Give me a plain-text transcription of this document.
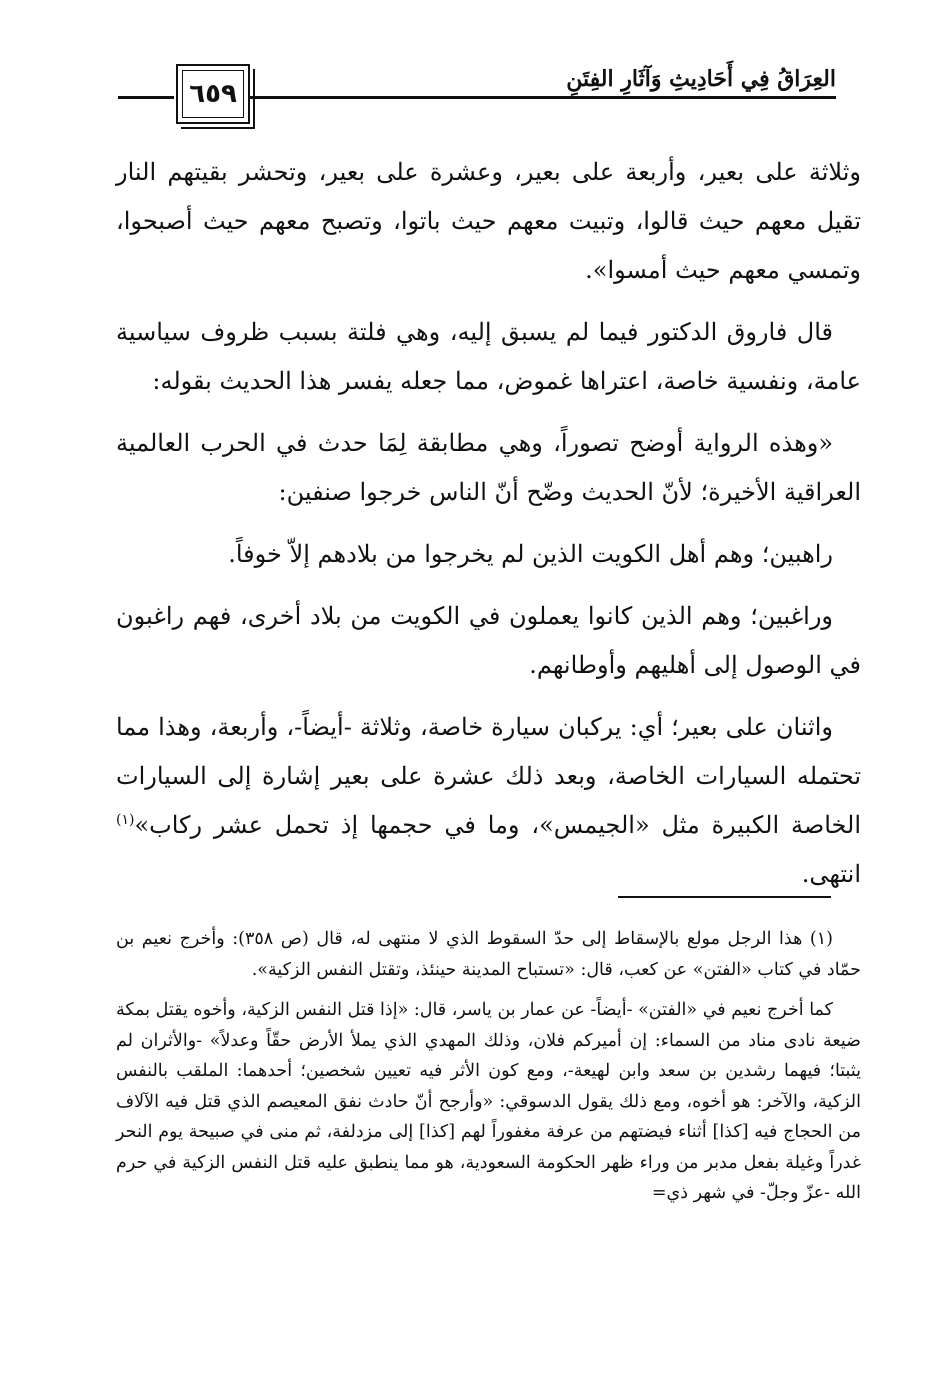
٦٥٩	العِرَاقُ فِي أَحَادِيثِ وَآثَارِ الفِتَنِ

وثلاثة على بعير، وأربعة على بعير، وعشرة على بعير، وتحشر بقيتهم النار تقيل معهم حيث قالوا، وتبيت معهم حيث باتوا، وتصبح معهم حيث أصبحوا، وتمسي معهم حيث أمسوا».

قال فاروق الدكتور فيما لم يسبق إليه، وهي فلتة بسبب ظروف سياسية عامة، ونفسية خاصة، اعتراها غموض، مما جعله يفسر هذا الحديث بقوله:

«وهذه الرواية أوضح تصوراً، وهي مطابقة لِمَا حدث في الحرب العالمية العراقية الأخيرة؛ لأنّ الحديث وضّح أنّ الناس خرجوا صنفين:

راهبين؛ وهم أهل الكويت الذين لم يخرجوا من بلادهم إلاّ خوفاً.

وراغبين؛ وهم الذين كانوا يعملون في الكويت من بلاد أخرى، فهم راغبون في الوصول إلى أهليهم وأوطانهم.

واثنان على بعير؛ أي: يركبان سيارة خاصة، وثلاثة -أيضاً-، وأربعة، وهذا مما تحتمله السيارات الخاصة، وبعد ذلك عشرة على بعير إشارة إلى السيارات الخاصة الكبيرة مثل «الجيمس»، وما في حجمها إذ تحمل عشر ركاب»$^{(١)}$ انتهى.

(١) هذا الرجل مولع بالإسقاط إلى حدّ السقوط الذي لا منتهى له، قال (ص ٣٥٨): وأخرج نعيم بن حمّاد في كتاب «الفتن» عن كعب، قال: «تستباح المدينة حينئذ، وتقتل النفس الزكية».

كما أخرج نعيم في «الفتن» -أيضاً- عن عمار بن ياسر، قال: «إذا قتل النفس الزكية، وأخوه يقتل بمكة ضيعة نادى مناد من السماء: إن أميركم فلان، وذلك المهدي الذي يملأ الأرض حقّاً وعدلاً» -والأثران لم يثبتا؛ فيهما رشدين بن سعد وابن لهيعة-، ومع كون الأثر فيه تعيين شخصين؛ أحدهما: الملقب بالنفس الزكية، والآخر: هو أخوه، ومع ذلك يقول الدسوقي: «وأرجح أنّ حادث نفق المعيصم الذي قتل فيه الآلاف من الحجاج فيه [كذا] أثناء فيضتهم من عرفة مغفوراً لهم [كذا] إلى مزدلفة، ثم منى في صبيحة يوم النحر غدراً وغيلة بفعل مدبر من وراء ظهر الحكومة السعودية، هو مما ينطبق عليه قتل النفس الزكية في حرم الله -عزّ وجلّ- في شهر ذي=
